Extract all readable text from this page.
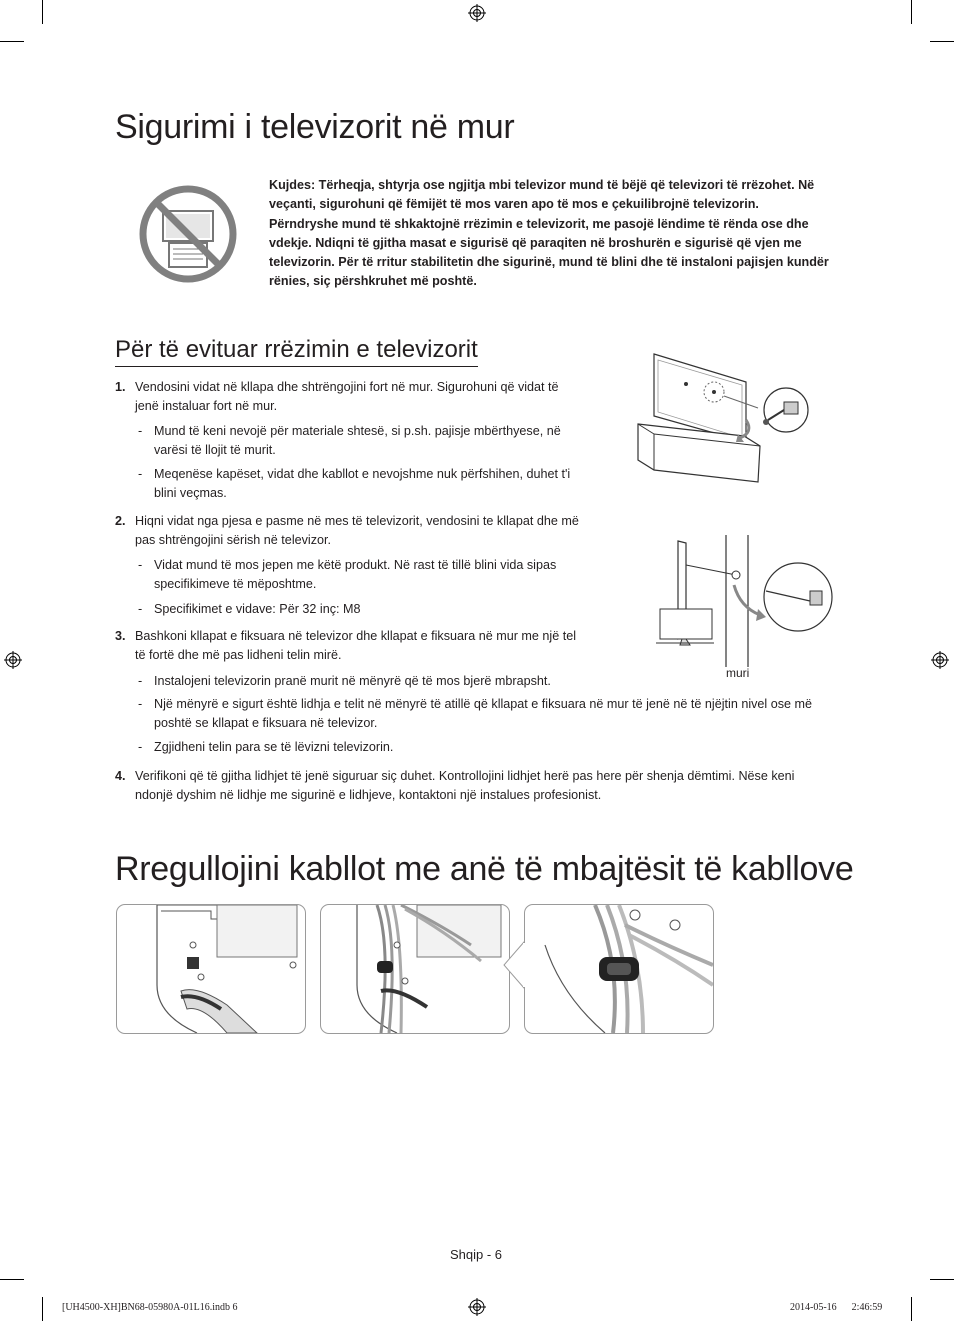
Sigurimi i televizorit në mur
Kujdes: Tërheqja, shtyrja ose ngjitja mbi televizor mund të bëjë që televizori të rrëzohet. Në veçanti, sigurohuni që fëmijët të mos varen apo të mos e çekuilibrojnë televizorin. Përndryshe mund të shkaktojnë rrëzimin e televizorit, me pasojë lëndime të rënda ose dhe vdekje. Ndiqni të gjitha masat e sigurisë që paraqiten në broshurën e sigurisë që vjen me televizorin. Për të rritur stabilitetin dhe sigurinë, mund të blini dhe të instaloni pajisjen kundër rënies, siç përshkruhet më poshtë.
Për të evituar rrëzimin e televizorit
1. Vendosini vidat në kllapa dhe shtrëngojini fort në mur. Sigurohuni që vidat të jenë instaluar fort në mur.
- Mund të keni nevojë për materiale shtesë, si p.sh. pajisje mbërthyese, në varësi të llojit të murit.
- Meqenëse kapëset, vidat dhe kabllot e nevojshme nuk përfshihen, duhet t'i blini veçmas.
2. Hiqni vidat nga pjesa e pasme në mes të televizorit, vendosini te kllapat dhe më pas shtrëngojini sërish në televizor.
- Vidat mund të mos jepen me këtë produkt. Në rast të tillë blini vida sipas specifikimeve të mëposhtme.
- Specifikimet e vidave: Për 32 inç: M8
3. Bashkoni kllapat e fiksuara në televizor dhe kllapat e fiksuara në mur me një tel të fortë dhe më pas lidheni telin mirë.
- Instalojeni televizorin pranë murit në mënyrë që të mos bjerë mbrapsht.
- Një mënyrë e sigurt është lidhja e telit në mënyrë të atillë që kllapat e fiksuara në mur të jenë në të njëjtin nivel ose më poshtë se kllapat e fiksuara në televizor.
- Zgjidheni telin para se të lëvizni televizorin.
4. Verifikoni që të gjitha lidhjet të jenë siguruar siç duhet. Kontrollojini lidhjet herë pas here për shenja dëmtimi. Nëse keni ndonjë dyshim në lidhje me sigurinë e lidhjeve, kontaktoni një instalues profesionist.
muri
Rregullojini kabllot me anë të mbajtësit të kabllove
Shqip - 6
[UH4500-XH]BN68-05980A-01L16.indb 6	2014-05-16   2:46:59
